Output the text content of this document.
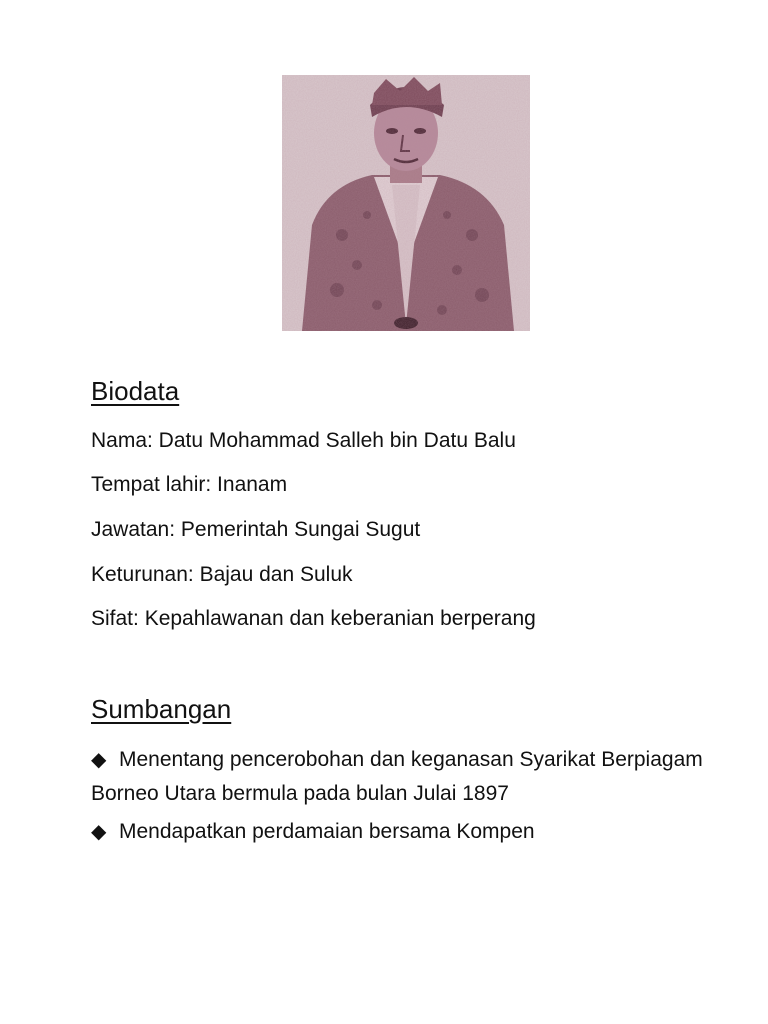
Biodata

Nama: Datu Mohammad Salleh bin Datu Balu

Tempat lahir: Inanam

Jawatan: Pemerintah Sungai Sugut

Keturunan: Bajau dan Suluk

Sifat: Kepahlawanan dan keberanian berperang

Sumbangan

◆ Menentang pencerobohan dan keganasan Syarikat Berpiagam Borneo Utara bermula pada bulan Julai 1897

◆ Mendapatkan perdamaian bersama Kompen
